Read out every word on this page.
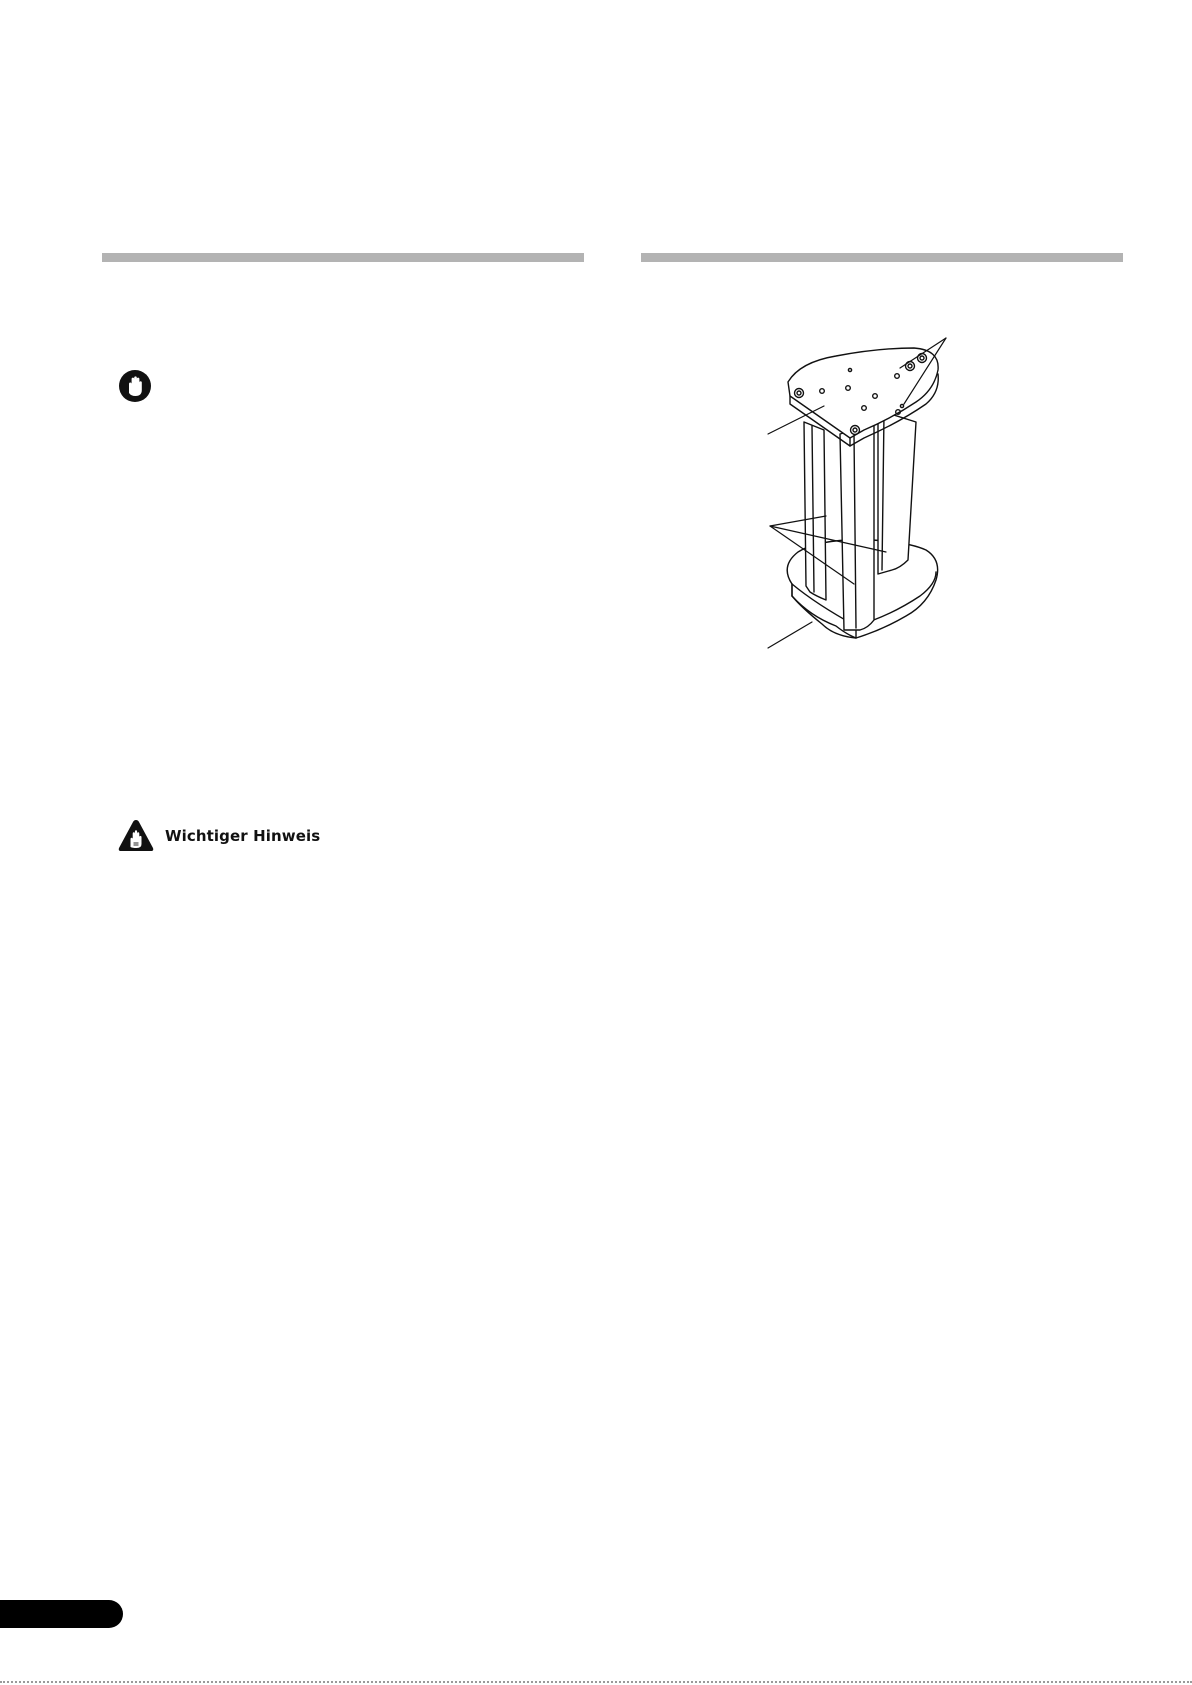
Wichtiger Hinweis
